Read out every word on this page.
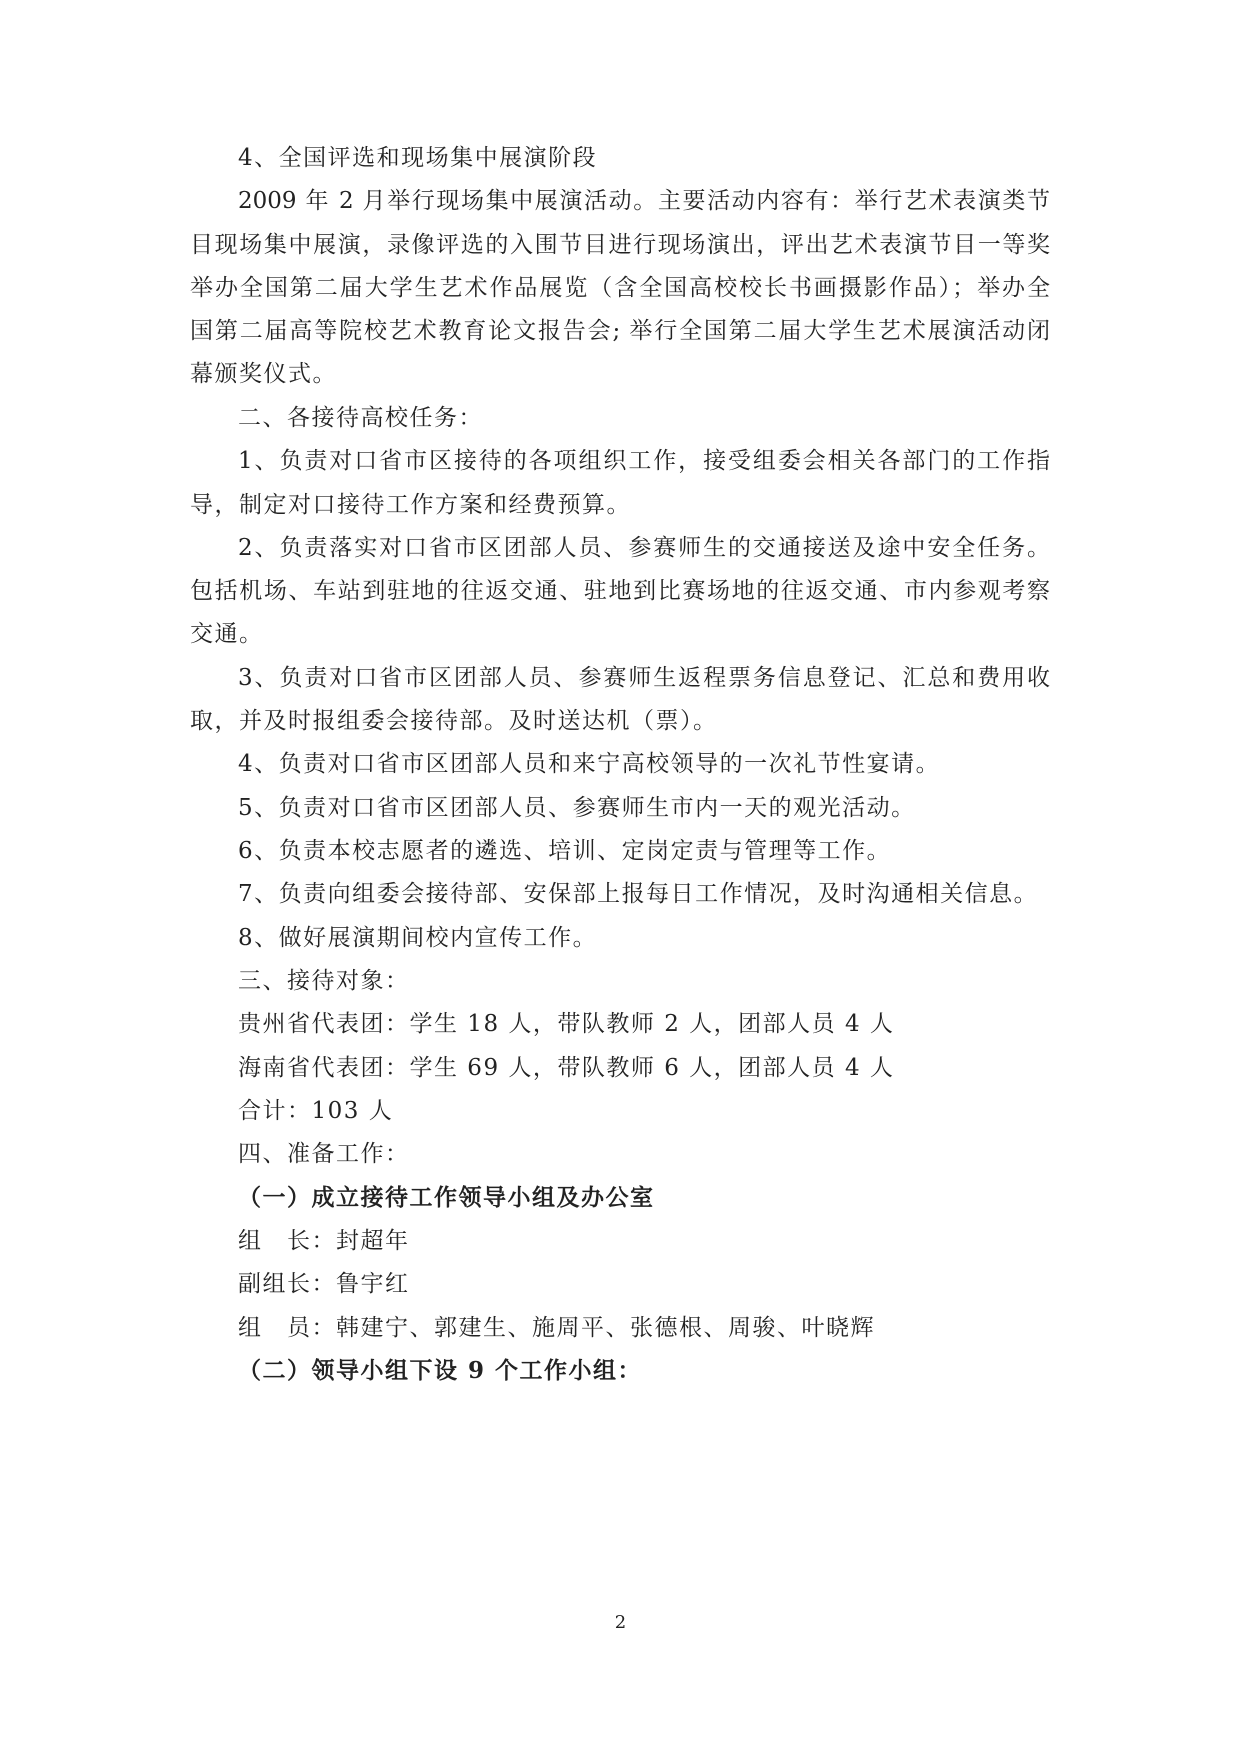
4、全国评选和现场集中展演阶段
2009 年 2 月举行现场集中展演活动。主要活动内容有：举行艺术表演类节
目现场集中展演，录像评选的入围节目进行现场演出，评出艺术表演节目一等奖
举办全国第二届大学生艺术作品展览（含全国高校校长书画摄影作品）；举办全
国第二届高等院校艺术教育论文报告会; 举行全国第二届大学生艺术展演活动闭
幕颁奖仪式。
二、各接待高校任务：
1、负责对口省市区接待的各项组织工作，接受组委会相关各部门的工作指
导，制定对口接待工作方案和经费预算。
2、负责落实对口省市区团部人员、参赛师生的交通接送及途中安全任务。
包括机场、车站到驻地的往返交通、驻地到比赛场地的往返交通、市内参观考察
交通。
3、负责对口省市区团部人员、参赛师生返程票务信息登记、汇总和费用收
取，并及时报组委会接待部。及时送达机（票）。
4、负责对口省市区团部人员和来宁高校领导的一次礼节性宴请。
5、负责对口省市区团部人员、参赛师生市内一天的观光活动。
6、负责本校志愿者的遴选、培训、定岗定责与管理等工作。
7、负责向组委会接待部、安保部上报每日工作情况，及时沟通相关信息。
8、做好展演期间校内宣传工作。
三、接待对象：
贵州省代表团：学生 18 人，带队教师 2 人，团部人员 4 人
海南省代表团：学生 69 人，带队教师 6 人，团部人员 4 人
合计：103 人
四、准备工作：
（一）成立接待工作领导小组及办公室
组　长：封超年
副组长：鲁宇红
组　员：韩建宁、郭建生、施周平、张德根、周骏、叶晓辉
（二）领导小组下设 9 个工作小组：
2
